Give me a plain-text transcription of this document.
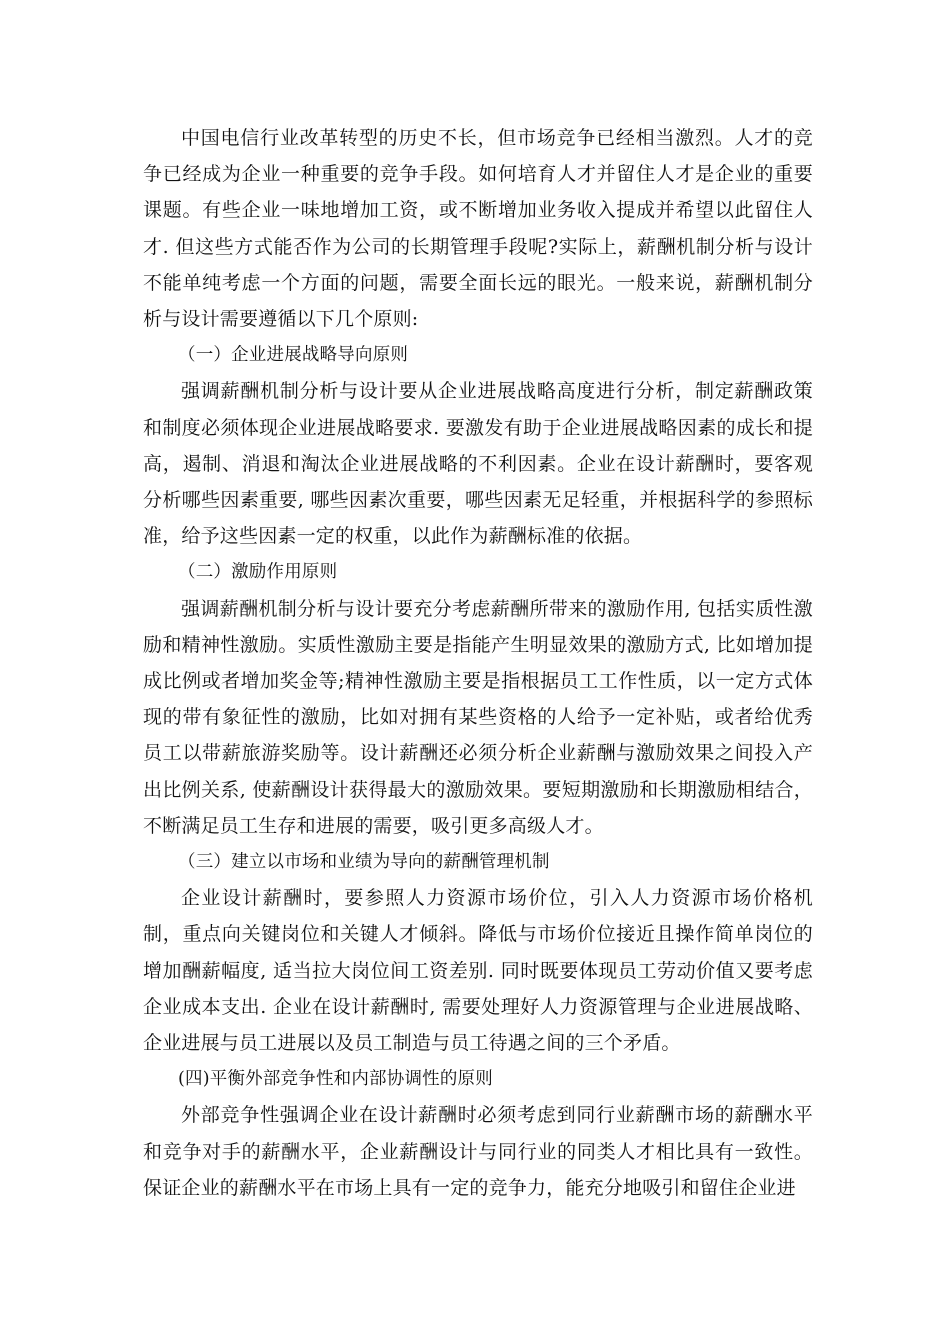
中国电信行业改革转型的历史不长，但市场竞争已经相当激烈。人才的竞争已经成为企业一种重要的竞争手段。如何培育人才并留住人才是企业的重要课题。有些企业一味地增加工资，或不断增加业务收入提成并希望以此留住人才. 但这些方式能否作为公司的长期管理手段呢?实际上，薪酬机制分析与设计不能单纯考虑一个方面的问题，需要全面长远的眼光。一般来说，薪酬机制分析与设计需要遵循以下几个原则:

（一）企业进展战略导向原则

强调薪酬机制分析与设计要从企业进展战略高度进行分析，制定薪酬政策和制度必须体现企业进展战略要求. 要激发有助于企业进展战略因素的成长和提高，遏制、消退和淘汰企业进展战略的不利因素。企业在设计薪酬时，要客观分析哪些因素重要, 哪些因素次重要，哪些因素无足轻重，并根据科学的参照标准，给予这些因素一定的权重，以此作为薪酬标准的依据。

（二）激励作用原则

强调薪酬机制分析与设计要充分考虑薪酬所带来的激励作用, 包括实质性激励和精神性激励。实质性激励主要是指能产生明显效果的激励方式, 比如增加提成比例或者增加奖金等;精神性激励主要是指根据员工工作性质，以一定方式体现的带有象征性的激励，比如对拥有某些资格的人给予一定补贴，或者给优秀员工以带薪旅游奖励等。设计薪酬还必须分析企业薪酬与激励效果之间投入产出比例关系, 使薪酬设计获得最大的激励效果。要短期激励和长期激励相结合，不断满足员工生存和进展的需要，吸引更多高级人才。

（三）建立以市场和业绩为导向的薪酬管理机制

企业设计薪酬时，要参照人力资源市场价位，引入人力资源市场价格机制，重点向关键岗位和关键人才倾斜。降低与市场价位接近且操作简单岗位的增加酬薪幅度, 适当拉大岗位间工资差别. 同时既要体现员工劳动价值又要考虑企业成本支出. 企业在设计薪酬时, 需要处理好人力资源管理与企业进展战略、企业进展与员工进展以及员工制造与员工待遇之间的三个矛盾。

(四)平衡外部竞争性和内部协调性的原则

外部竞争性强调企业在设计薪酬时必须考虑到同行业薪酬市场的薪酬水平和竞争对手的薪酬水平，企业薪酬设计与同行业的同类人才相比具有一致性。保证企业的薪酬水平在市场上具有一定的竞争力，能充分地吸引和留住企业进
